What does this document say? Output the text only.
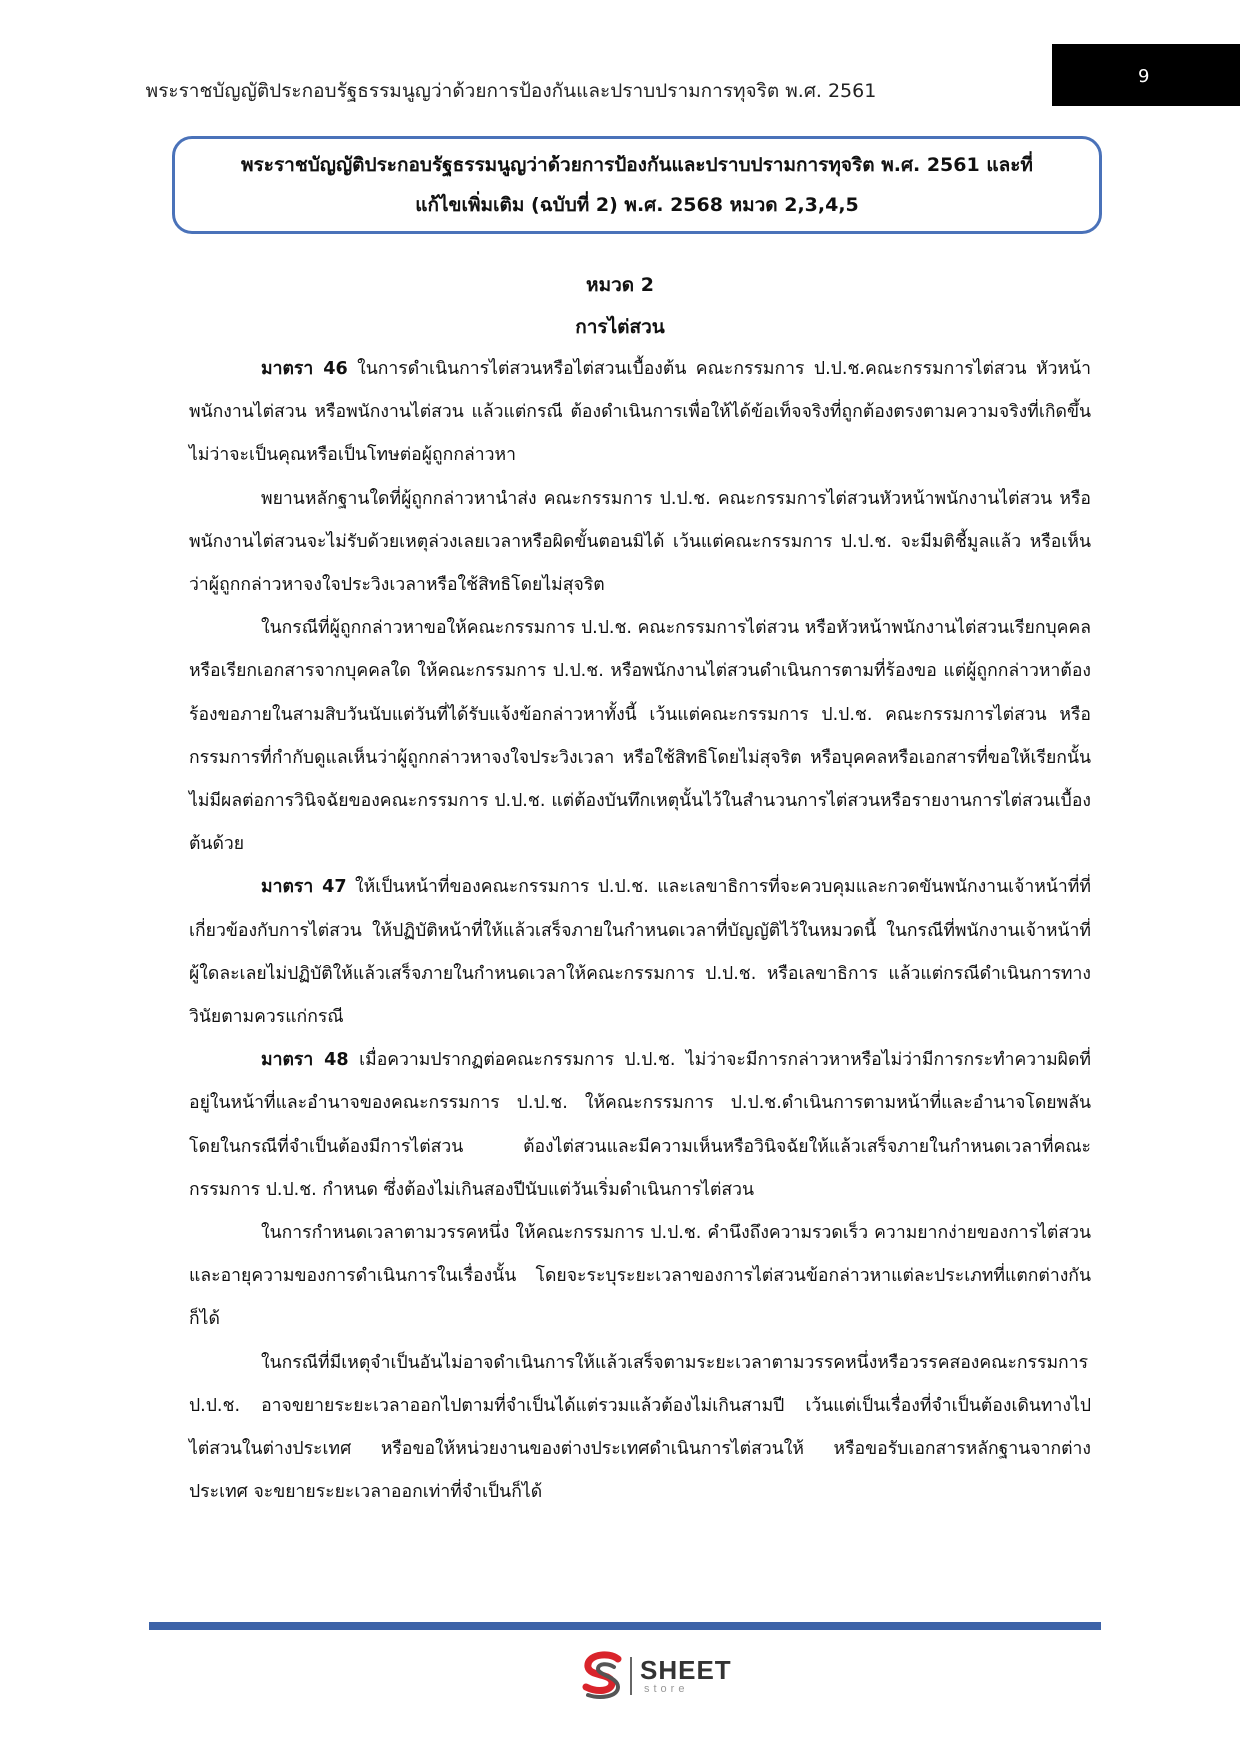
พระราชบัญญัติประกอบรัฐธรรมนูญว่าด้วยการป้องกันและปราบปรามการทุจริต พ.ศ. 2561
9
พระราชบัญญัติประกอบรัฐธรรมนูญว่าด้วยการป้องกันและปราบปรามการทุจริต พ.ศ. 2561 และที่
แก้ไขเพิ่มเติม (ฉบับที่ 2) พ.ศ. 2568 หมวด 2,3,4,5
หมวด 2
การไต่สวน

มาตรา 46 ในการดำเนินการไต่สวนหรือไต่สวนเบื้องต้น คณะกรรมการ ป.ป.ช.คณะกรรมการไต่สวน หัวหน้าพนักงานไต่สวน หรือพนักงานไต่สวน แล้วแต่กรณี ต้องดำเนินการเพื่อให้ได้ข้อเท็จจริงที่ถูกต้องตรงตามความจริงที่เกิดขึ้น ไม่ว่าจะเป็นคุณหรือเป็นโทษต่อผู้ถูกกล่าวหา

พยานหลักฐานใดที่ผู้ถูกกล่าวหานำส่ง คณะกรรมการ ป.ป.ช. คณะกรรมการไต่สวนหัวหน้าพนักงานไต่สวน หรือพนักงานไต่สวนจะไม่รับด้วยเหตุล่วงเลยเวลาหรือผิดขั้นตอนมิได้ เว้นแต่คณะกรรมการ ป.ป.ช. จะมีมติชี้มูลแล้ว หรือเห็นว่าผู้ถูกกล่าวหาจงใจประวิงเวลาหรือใช้สิทธิโดยไม่สุจริต

ในกรณีที่ผู้ถูกกล่าวหาขอให้คณะกรรมการ ป.ป.ช. คณะกรรมการไต่สวน หรือหัวหน้าพนักงานไต่สวนเรียกบุคคลหรือเรียกเอกสารจากบุคคลใด ให้คณะกรรมการ ป.ป.ช. หรือพนักงานไต่สวนดำเนินการตามที่ร้องขอ แต่ผู้ถูกกล่าวหาต้องร้องขอภายในสามสิบวันนับแต่วันที่ได้รับแจ้งข้อกล่าวหาทั้งนี้ เว้นแต่คณะกรรมการ ป.ป.ช. คณะกรรมการไต่สวน หรือกรรมการที่กำกับดูแลเห็นว่าผู้ถูกกล่าวหาจงใจประวิงเวลา หรือใช้สิทธิโดยไม่สุจริต หรือบุคคลหรือเอกสารที่ขอให้เรียกนั้นไม่มีผลต่อการวินิจฉัยของคณะกรรมการ ป.ป.ช. แต่ต้องบันทึกเหตุนั้นไว้ในสำนวนการไต่สวนหรือรายงานการไต่สวนเบื้องต้นด้วย

มาตรา 47 ให้เป็นหน้าที่ของคณะกรรมการ ป.ป.ช. และเลขาธิการที่จะควบคุมและกวดขันพนักงานเจ้าหน้าที่ที่เกี่ยวข้องกับการไต่สวน ให้ปฏิบัติหน้าที่ให้แล้วเสร็จภายในกำหนดเวลาที่บัญญัติไว้ในหมวดนี้ ในกรณีที่พนักงานเจ้าหน้าที่ผู้ใดละเลยไม่ปฏิบัติให้แล้วเสร็จภายในกำหนดเวลาให้คณะกรรมการ ป.ป.ช. หรือเลขาธิการ แล้วแต่กรณีดำเนินการทางวินัยตามควรแก่กรณี

มาตรา 48 เมื่อความปรากฏต่อคณะกรรมการ ป.ป.ช. ไม่ว่าจะมีการกล่าวหาหรือไม่ว่ามีการกระทำความผิดที่อยู่ในหน้าที่และอำนาจของคณะกรรมการ ป.ป.ช. ให้คณะกรรมการ ป.ป.ช.ดำเนินการตามหน้าที่และอำนาจโดยพลัน โดยในกรณีที่จำเป็นต้องมีการไต่สวน ต้องไต่สวนและมีความเห็นหรือวินิจฉัยให้แล้วเสร็จภายในกำหนดเวลาที่คณะกรรมการ ป.ป.ช. กำหนด ซึ่งต้องไม่เกินสองปีนับแต่วันเริ่มดำเนินการไต่สวน

ในการกำหนดเวลาตามวรรคหนึ่ง ให้คณะกรรมการ ป.ป.ช. คำนึงถึงความรวดเร็ว ความยากง่ายของการไต่สวน และอายุความของการดำเนินการในเรื่องนั้น โดยจะระบุระยะเวลาของการไต่สวนข้อกล่าวหาแต่ละประเภทที่แตกต่างกันก็ได้

ในกรณีที่มีเหตุจำเป็นอันไม่อาจดำเนินการให้แล้วเสร็จตามระยะเวลาตามวรรคหนึ่งหรือวรรคสองคณะกรรมการ ป.ป.ช. อาจขยายระยะเวลาออกไปตามที่จำเป็นได้แต่รวมแล้วต้องไม่เกินสามปี เว้นแต่เป็นเรื่องที่จำเป็นต้องเดินทางไปไต่สวนในต่างประเทศ หรือขอให้หน่วยงานของต่างประเทศดำเนินการไต่สวนให้ หรือขอรับเอกสารหลักฐานจากต่างประเทศ จะขยายระยะเวลาออกเท่าที่จำเป็นก็ได้

SHEET
store
